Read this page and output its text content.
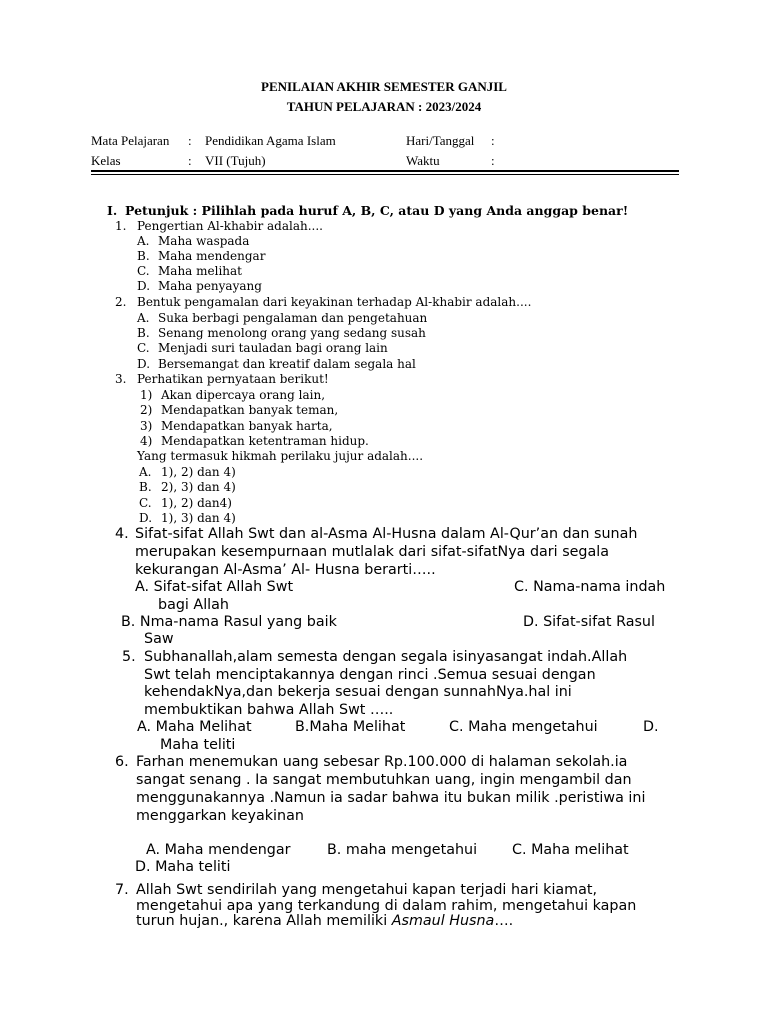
PENILAIAN AKHIR SEMESTER GANJIL
TAHUN PELAJARAN : 2023/2024
Mata Pelajaran : Pendidikan Agama Islam	Hari/Tanggal :
Kelas	: VII (Tujuh)	Waktu	:
I. Petunjuk : Pilihlah pada huruf A, B, C, atau D yang Anda anggap benar!
1. Pengertian Al-khabir adalah....
A. Maha waspada
B. Maha mendengar
C. Maha melihat
D. Maha penyayang
2. Bentuk pengamalan dari keyakinan terhadap Al-khabir adalah....
A. Suka berbagi pengalaman dan pengetahuan
B. Senang menolong orang yang sedang susah
C. Menjadi suri tauladan bagi orang lain
D. Bersemangat dan kreatif dalam segala hal
3. Perhatikan pernyataan berikut!
1) Akan dipercaya orang lain,
2) Mendapatkan banyak teman,
3) Mendapatkan banyak harta,
4) Mendapatkan ketentraman hidup.
Yang termasuk hikmah perilaku jujur adalah....
A. 1), 2) dan 4)
B. 2), 3) dan 4)
C. 1), 2) dan4)
D. 1), 3) dan 4)
4. Sifat-sifat Allah Swt dan al-Asma Al-Husna dalam Al-Qur’an dan sunah
merupakan kesempurnaan mutlalak dari sifat-sifatNya dari segala
kekurangan Al-Asma’ Al- Husna berarti…..
A. Sifat-sifat Allah Swt	C. Nama-nama indah
bagi Allah
B. Nma-nama Rasul yang baik	D. Sifat-sifat Rasul
Saw
5. Subhanallah,alam semesta dengan segala isinyasangat indah.Allah
Swt telah menciptakannya dengan rinci .Semua sesuai dengan
kehendakNya,dan bekerja sesuai dengan sunnahNya.hal ini
membuktikan bahwa Allah Swt …..
A. Maha Melihat	B.Maha Melihat	C. Maha mengetahui	D.
Maha teliti
6. Farhan menemukan uang sebesar Rp.100.000 di halaman sekolah.ia
sangat senang . Ia sangat membutuhkan uang, ingin mengambil dan
menggunakannya .Namun ia sadar bahwa itu bukan milik .peristiwa ini
menggarkan keyakinan
A. Maha mendengar	B. maha mengetahui C. Maha melihat
D. Maha teliti
7. Allah Swt sendirilah yang mengetahui kapan terjadi hari kiamat,
mengetahui apa yang terkandung di dalam rahim, mengetahui kapan
turun hujan., karena Allah memiliki Asmaul Husna….
